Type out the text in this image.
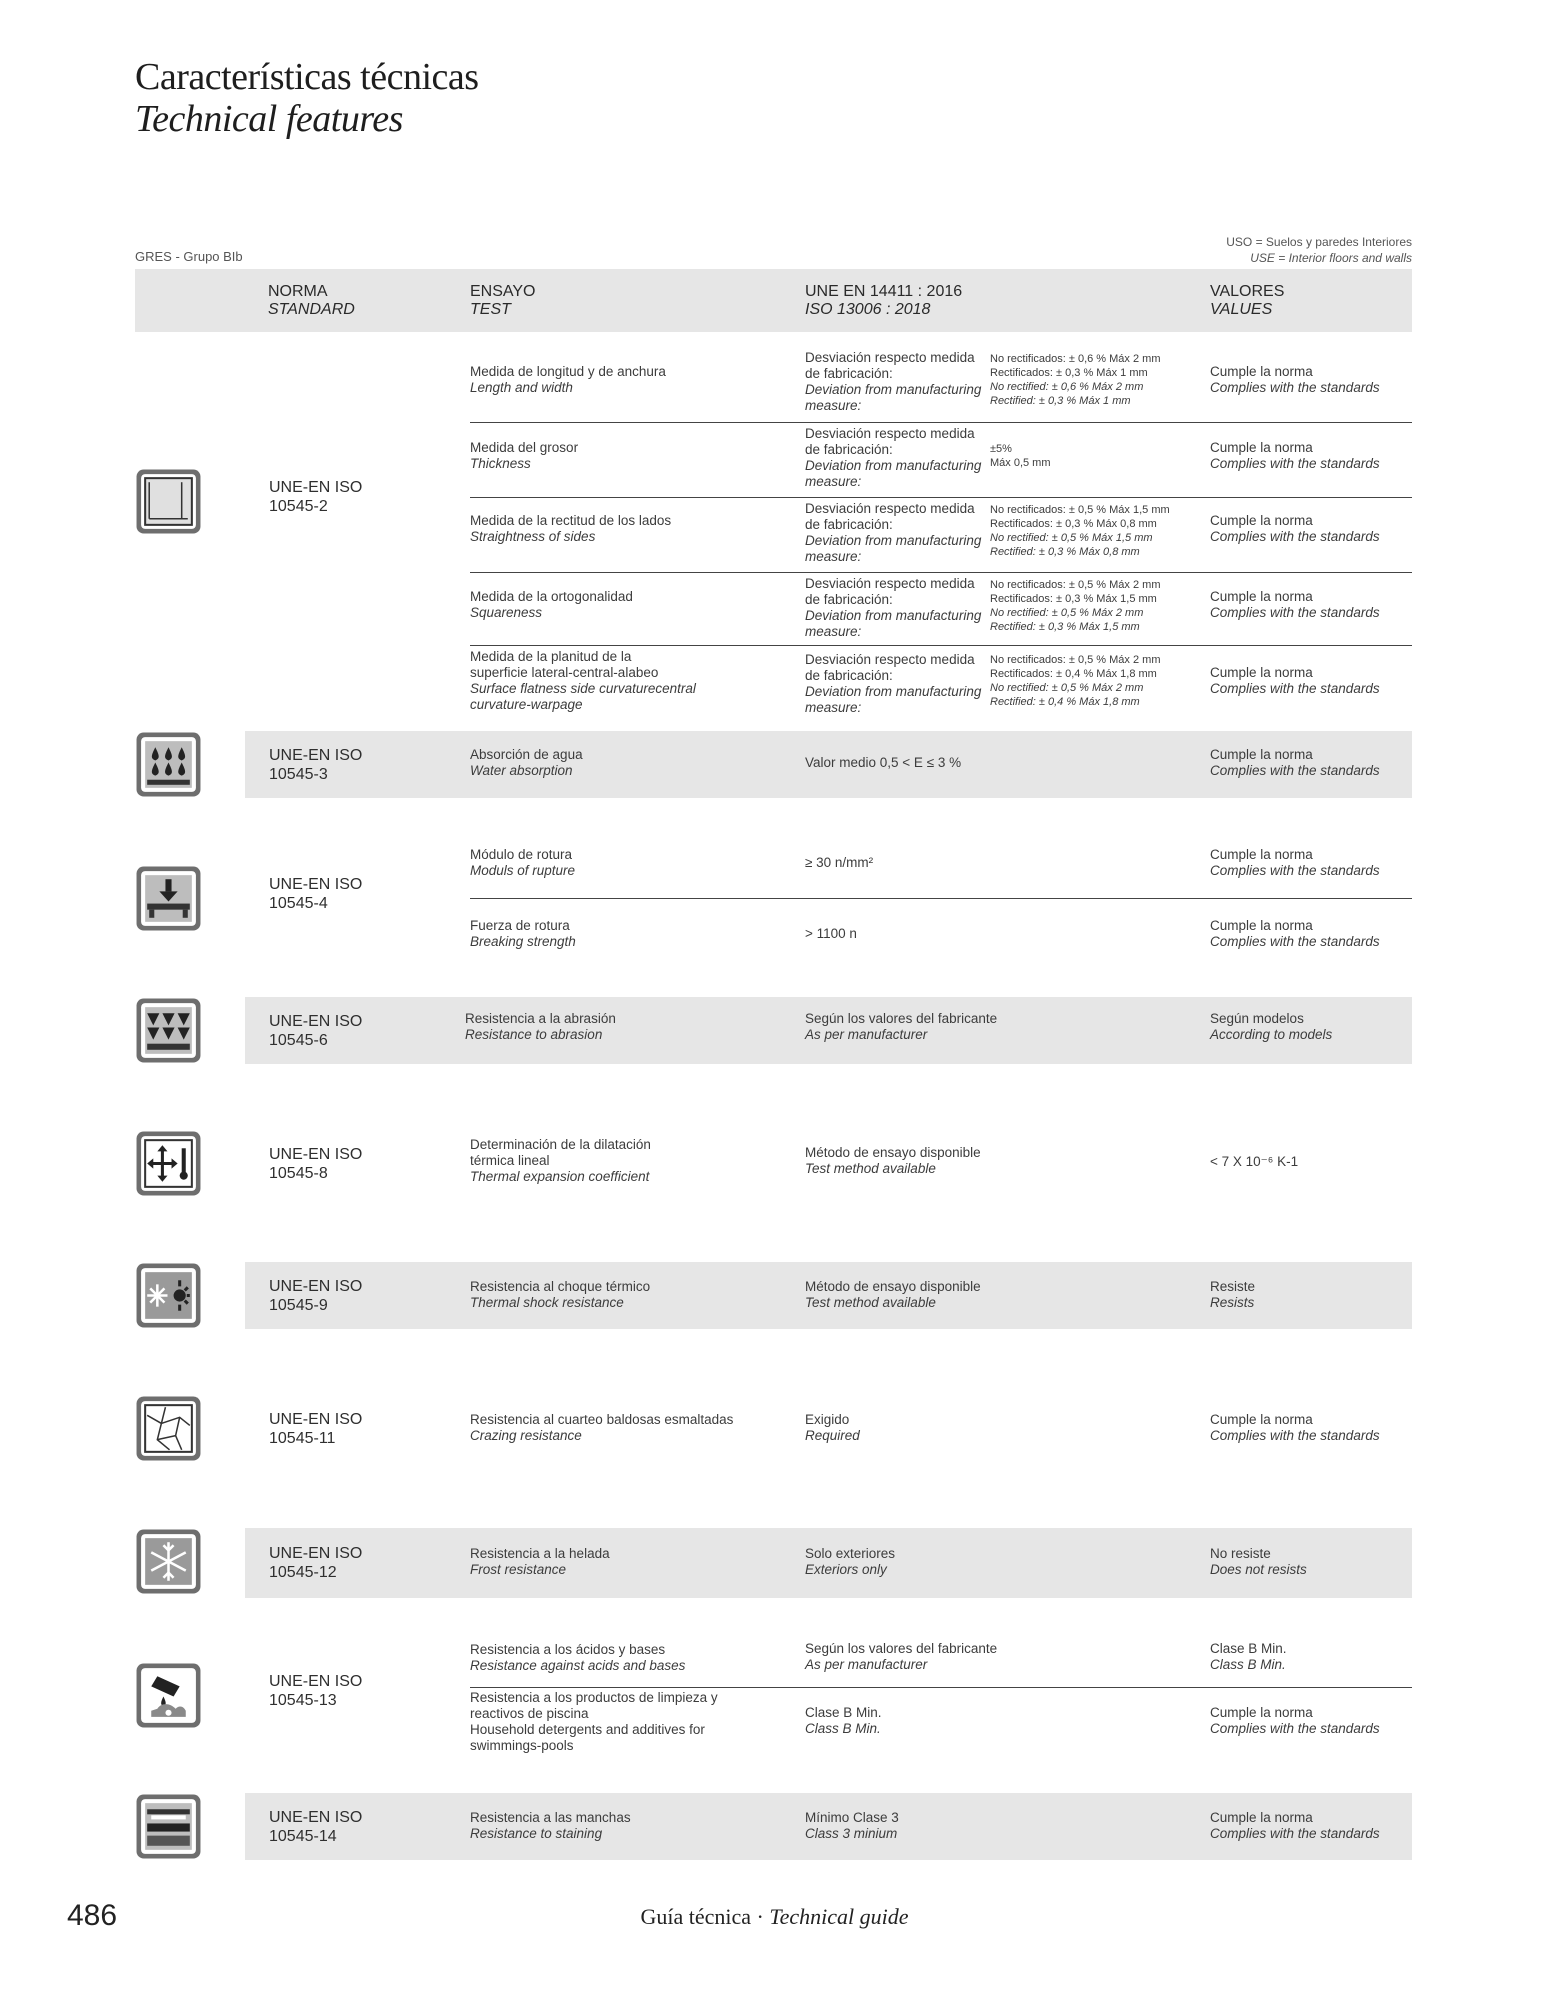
Características técnicas
Technical features
GRES - Grupo BIb
USO = Suelos y paredes Interiores
USE = Interior floors and walls
NORMA
STANDARD
ENSAYO
TEST
UNE EN 14411 : 2016
ISO 13006 : 2018
VALORES
VALUES
UNE-EN ISO 10545-2
Medida de longitud y de anchura
Length and width
Desviación respecto medida de fabricación:
Deviation from manufacturing measure:
No rectificados: ± 0,6 % Máx 2 mm
Rectificados: ± 0,3 % Máx 1 mm
No rectified: ± 0,6 % Máx 2 mm
Rectified: ± 0,3 % Máx 1 mm
Cumple la norma
Complies with the standards
Medida del grosor
Thickness
Desviación respecto medida de fabricación:
Deviation from manufacturing measure:
±5%
Máx 0,5 mm
Cumple la norma
Complies with the standards
Medida de la rectitud de los lados
Straightness of sides
Desviación respecto medida de fabricación:
Deviation from manufacturing measure:
No rectificados: ± 0,5 % Máx 1,5 mm
Rectificados: ± 0,3 % Máx 0,8 mm
No rectified: ± 0,5 % Máx 1,5 mm
Rectified: ± 0,3 % Máx 0,8 mm
Cumple la norma
Complies with the standards
Medida de la ortogonalidad
Squareness
Desviación respecto medida de fabricación:
Deviation from manufacturing measure:
No rectificados: ± 0,5 % Máx 2 mm
Rectificados: ± 0,3 % Máx 1,5 mm
No rectified: ± 0,5 % Máx 2 mm
Rectified: ± 0,3 % Máx 1,5 mm
Cumple la norma
Complies with the standards
Medida de la planitud de la
superficie lateral-central-alabeo
Surface flatness side curvaturecentral
curvature-warpage
Desviación respecto medida de fabricación:
Deviation from manufacturing measure:
No rectificados: ± 0,5 % Máx 2 mm
Rectificados: ± 0,4 % Máx 1,8 mm
No rectified: ± 0,5 % Máx 2 mm
Rectified: ± 0,4 % Máx 1,8 mm
Cumple la norma
Complies with the standards
UNE-EN ISO 10545-3
Absorción de agua
Water absorption
Valor medio 0,5 < E ≤ 3 %
Cumple la norma
Complies with the standards
UNE-EN ISO 10545-4
Módulo de rotura
Moduls of rupture
≥ 30 n/mm²
Cumple la norma
Complies with the standards
Fuerza de rotura
Breaking strength
> 1100 n
Cumple la norma
Complies with the standards
UNE-EN ISO 10545-6
Resistencia a la abrasión
Resistance to abrasion
Según los valores del fabricante
As per manufacturer
Según modelos
According to models
UNE-EN ISO 10545-8
Determinación de la dilatación
térmica lineal
Thermal expansion coefficient
Método de ensayo disponible
Test method available	< 7 X 10⁻⁶ K-1
UNE-EN ISO 10545-9
Resistencia al choque térmico
Thermal shock resistance
Método de ensayo disponible
Test method available
Resiste
Resists
UNE-EN ISO 10545-11
Resistencia al cuarteo baldosas esmaltadas
Crazing resistance
Exigido
Required
Cumple la norma
Complies with the standards
UNE-EN ISO 10545-12
Resistencia a la helada
Frost resistance
Solo exteriores
Exteriors only
No resiste
Does not resists
UNE-EN ISO 10545-13
Resistencia a los ácidos y bases
Resistance against acids and bases
Según los valores del fabricante
As per manufacturer
Clase B Min.
Class B Min.
Resistencia a los productos de limpieza y
reactivos de piscina
Household detergents and additives for
swimmings-pools
Clase B Min.
Class B Min.
Cumple la norma
Complies with the standards
UNE-EN ISO 10545-14
Resistencia a las manchas
Resistance to staining
Mínimo Clase 3
Class 3 minium
Cumple la norma
Complies with the standards
486	Guía técnica · Technical guide
